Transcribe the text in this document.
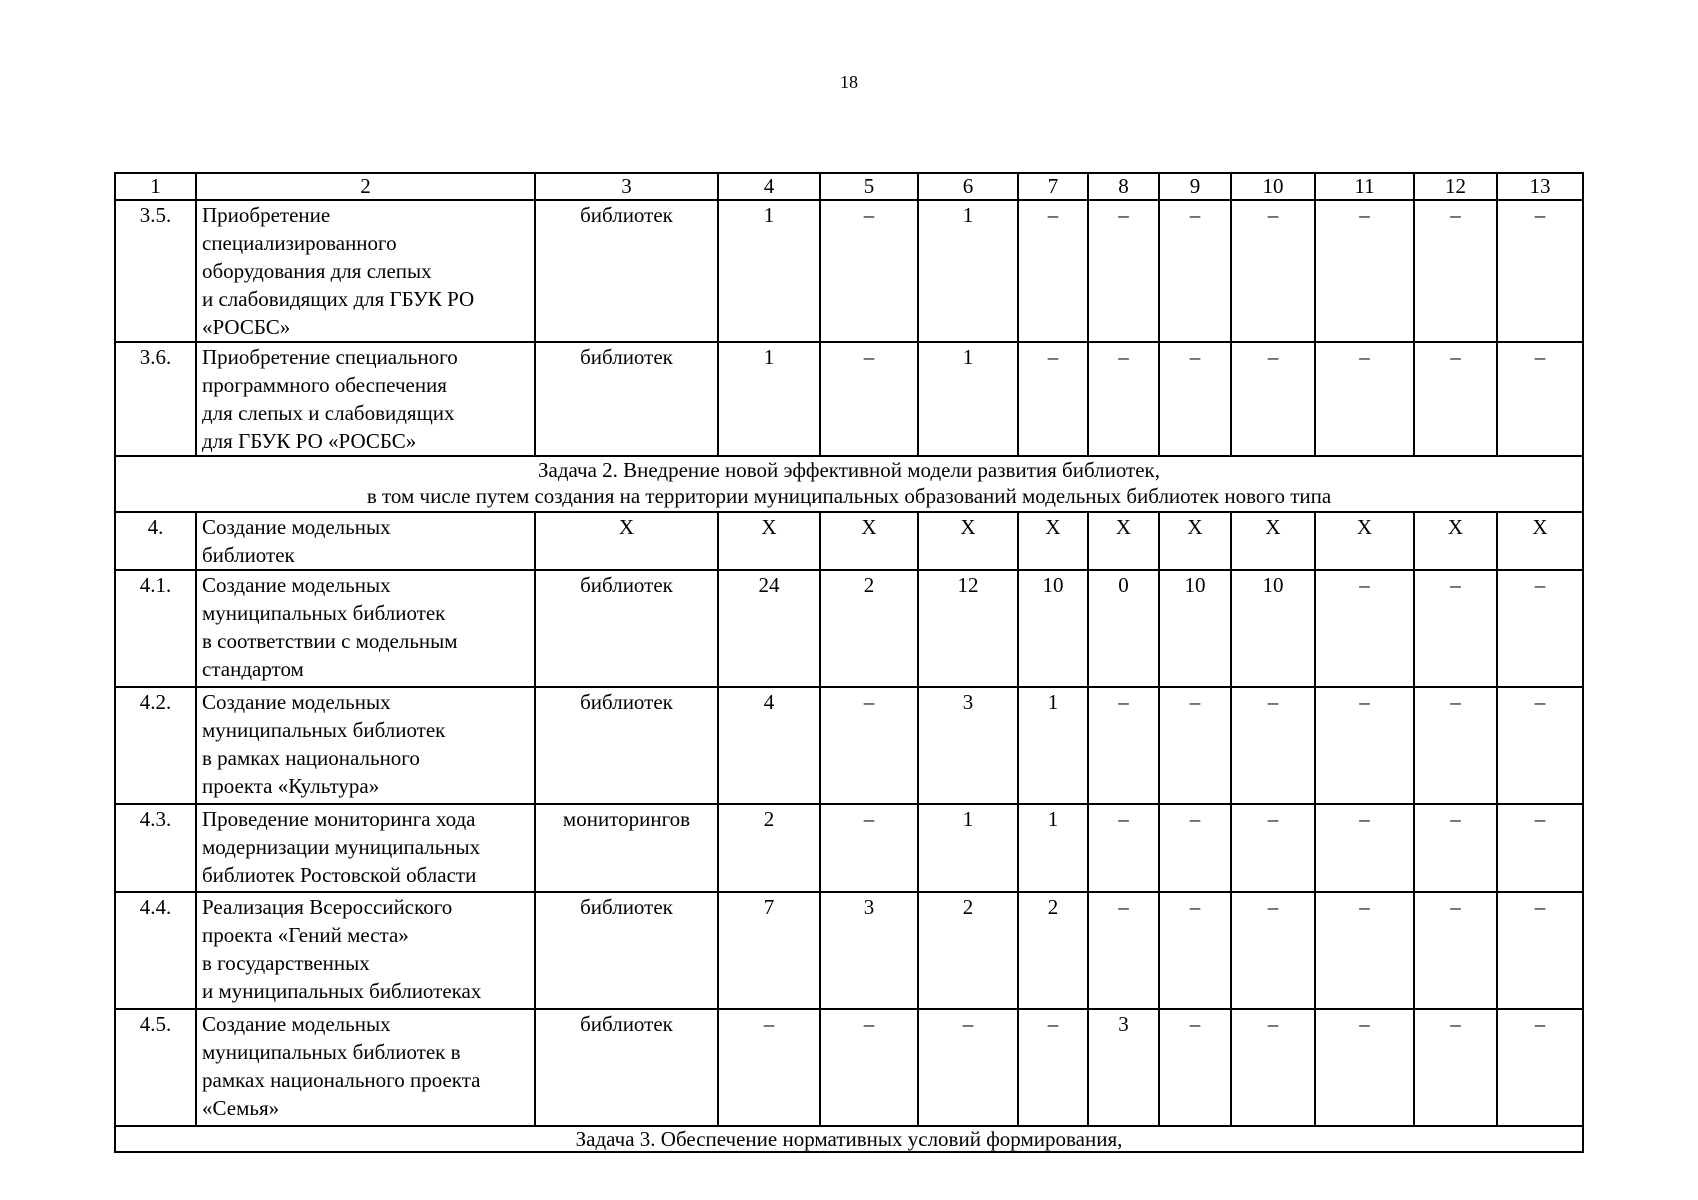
18
1	2	3	4	5	6	7	8	9	10	11	12	13
3.5.	Приобретение
специализированного
оборудования для слепых
и слабовидящих для ГБУК РО
«РОСБС»	библиотек	1	–	1	–	–	–	–	–	–	–
3.6.	Приобретение специального
программного обеспечения
для слепых и слабовидящих
для ГБУК РО «РОСБС»	библиотек	1	–	1	–	–	–	–	–	–	–

Задача 2. Внедрение новой эффективной модели развития библиотек,
в том числе путем создания на территории муниципальных образований модельных библиотек нового типа												

4.	Создание модельных
библиотек	Х	Х	Х	Х	Х	Х	Х	Х	Х	Х	Х
4.1.	Создание модельных
муниципальных библиотек
в соответствии с модельным
стандартом	библиотек	24	2	12	10	0	10	10	–	–	–
4.2.	Создание модельных
муниципальных библиотек
в рамках национального
проекта «Культура»	библиотек	4	–	3	1	–	–	–	–	–	–
4.3.	Проведение мониторинга хода
модернизации муниципальных
библиотек Ростовской области	мониторингов	2	–	1	1	–	–	–	–	–	–
4.4.	Реализация Всероссийского
проекта «Гений места»
в государственных
и муниципальных библиотеках	библиотек	7	3	2	2	–	–	–	–	–	–
4.5.	Создание модельных
муниципальных библиотек в
рамках национального проекта
«Семья»	библиотек	–	–	–	–	3	–	–	–	–	–

Задача 3. Обеспечение нормативных условий формирования,												
